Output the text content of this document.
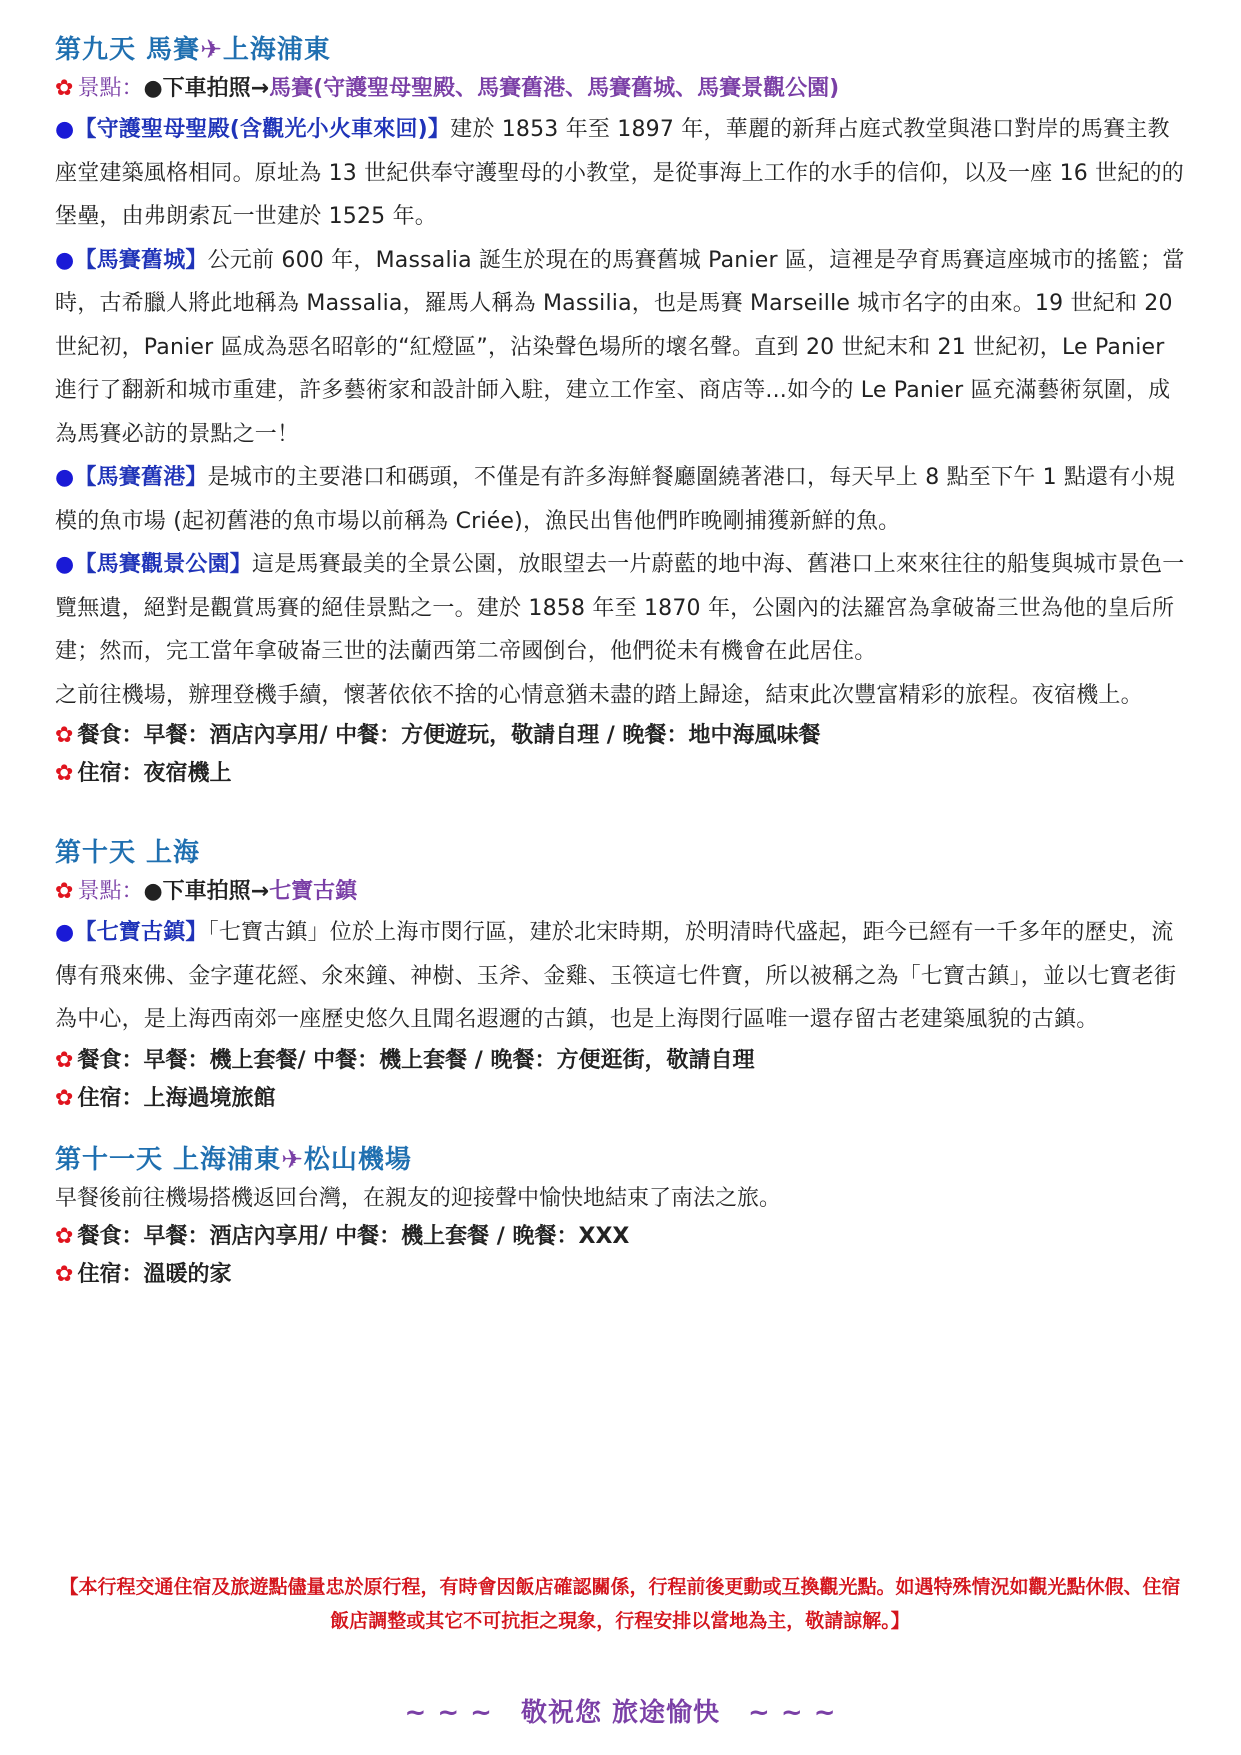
第九天 馬賽✈上海浦東

✿ 景點：●下車拍照→馬賽(守護聖母聖殿、馬賽舊港、馬賽舊城、馬賽景觀公園)

●【守護聖母聖殿(含觀光小火車來回)】建於 1853 年至 1897 年，華麗的新拜占庭式教堂與港口對岸的馬賽主教座堂建築風格相同。原址為 13 世紀供奉守護聖母的小教堂，是從事海上工作的水手的信仰，以及一座 16 世紀的的堡壘，由弗朗索瓦一世建於 1525 年。

●【馬賽舊城】公元前 600 年，Massalia 誕生於現在的馬賽舊城 Panier 區，這裡是孕育馬賽這座城市的搖籃；當時，古希臘人將此地稱為 Massalia，羅馬人稱為 Massilia，也是馬賽 Marseille 城市名字的由來。19 世紀和 20 世紀初，Panier 區成為惡名昭彰的“紅燈區”，沾染聲色場所的壞名聲。直到 20 世紀末和 21 世紀初，Le Panier 進行了翻新和城市重建，許多藝術家和設計師入駐，建立工作室、商店等...如今的 Le Panier 區充滿藝術氛圍，成為馬賽必訪的景點之一！

●【馬賽舊港】是城市的主要港口和碼頭，不僅是有許多海鮮餐廳圍繞著港口，每天早上 8 點至下午 1 點還有小規模的魚市場 (起初舊港的魚市場以前稱為 Criée)，漁民出售他們昨晚剛捕獲新鮮的魚。

●【馬賽觀景公園】這是馬賽最美的全景公園，放眼望去一片蔚藍的地中海、舊港口上來來往往的船隻與城市景色一覽無遺，絕對是觀賞馬賽的絕佳景點之一。建於 1858 年至 1870 年，公園內的法羅宮為拿破崙三世為他的皇后所建；然而，完工當年拿破崙三世的法蘭西第二帝國倒台，他們從未有機會在此居住。

之前往機場，辦理登機手續，懷著依依不捨的心情意猶未盡的踏上歸途，結束此次豐富精彩的旅程。夜宿機上。

✿ 餐食：早餐：酒店內享用/ 中餐：方便遊玩，敬請自理 / 晚餐：地中海風味餐

✿ 住宿：夜宿機上

第十天 上海

✿ 景點：●下車拍照→七寶古鎮

●【七寶古鎮】「七寶古鎮」位於上海市閔行區，建於北宋時期，於明清時代盛起，距今已經有一千多年的歷史，流傳有飛來佛、金字蓮花經、氽來鐘、神樹、玉斧、金雞、玉筷這七件寶，所以被稱之為「七寶古鎮」，並以七寶老街為中心，是上海西南郊一座歷史悠久且聞名遐邇的古鎮，也是上海閔行區唯一還存留古老建築風貌的古鎮。

✿ 餐食：早餐：機上套餐/ 中餐：機上套餐 / 晚餐：方便逛街，敬請自理

✿ 住宿：上海過境旅館

第十一天 上海浦東✈松山機場

早餐後前往機場搭機返回台灣，在親友的迎接聲中愉快地結束了南法之旅。

✿ 餐食：早餐：酒店內享用/ 中餐：機上套餐 / 晚餐：XXX

✿ 住宿：溫暖的家

【本行程交通住宿及旅遊點儘量忠於原行程，有時會因飯店確認關係，行程前後更動或互換觀光點。如遇特殊情況如觀光點休假、住宿飯店調整或其它不可抗拒之現象，行程安排以當地為主，敬請諒解。】
~ ~ ~ 敬祝您 旅途愉快 ~ ~ ~
